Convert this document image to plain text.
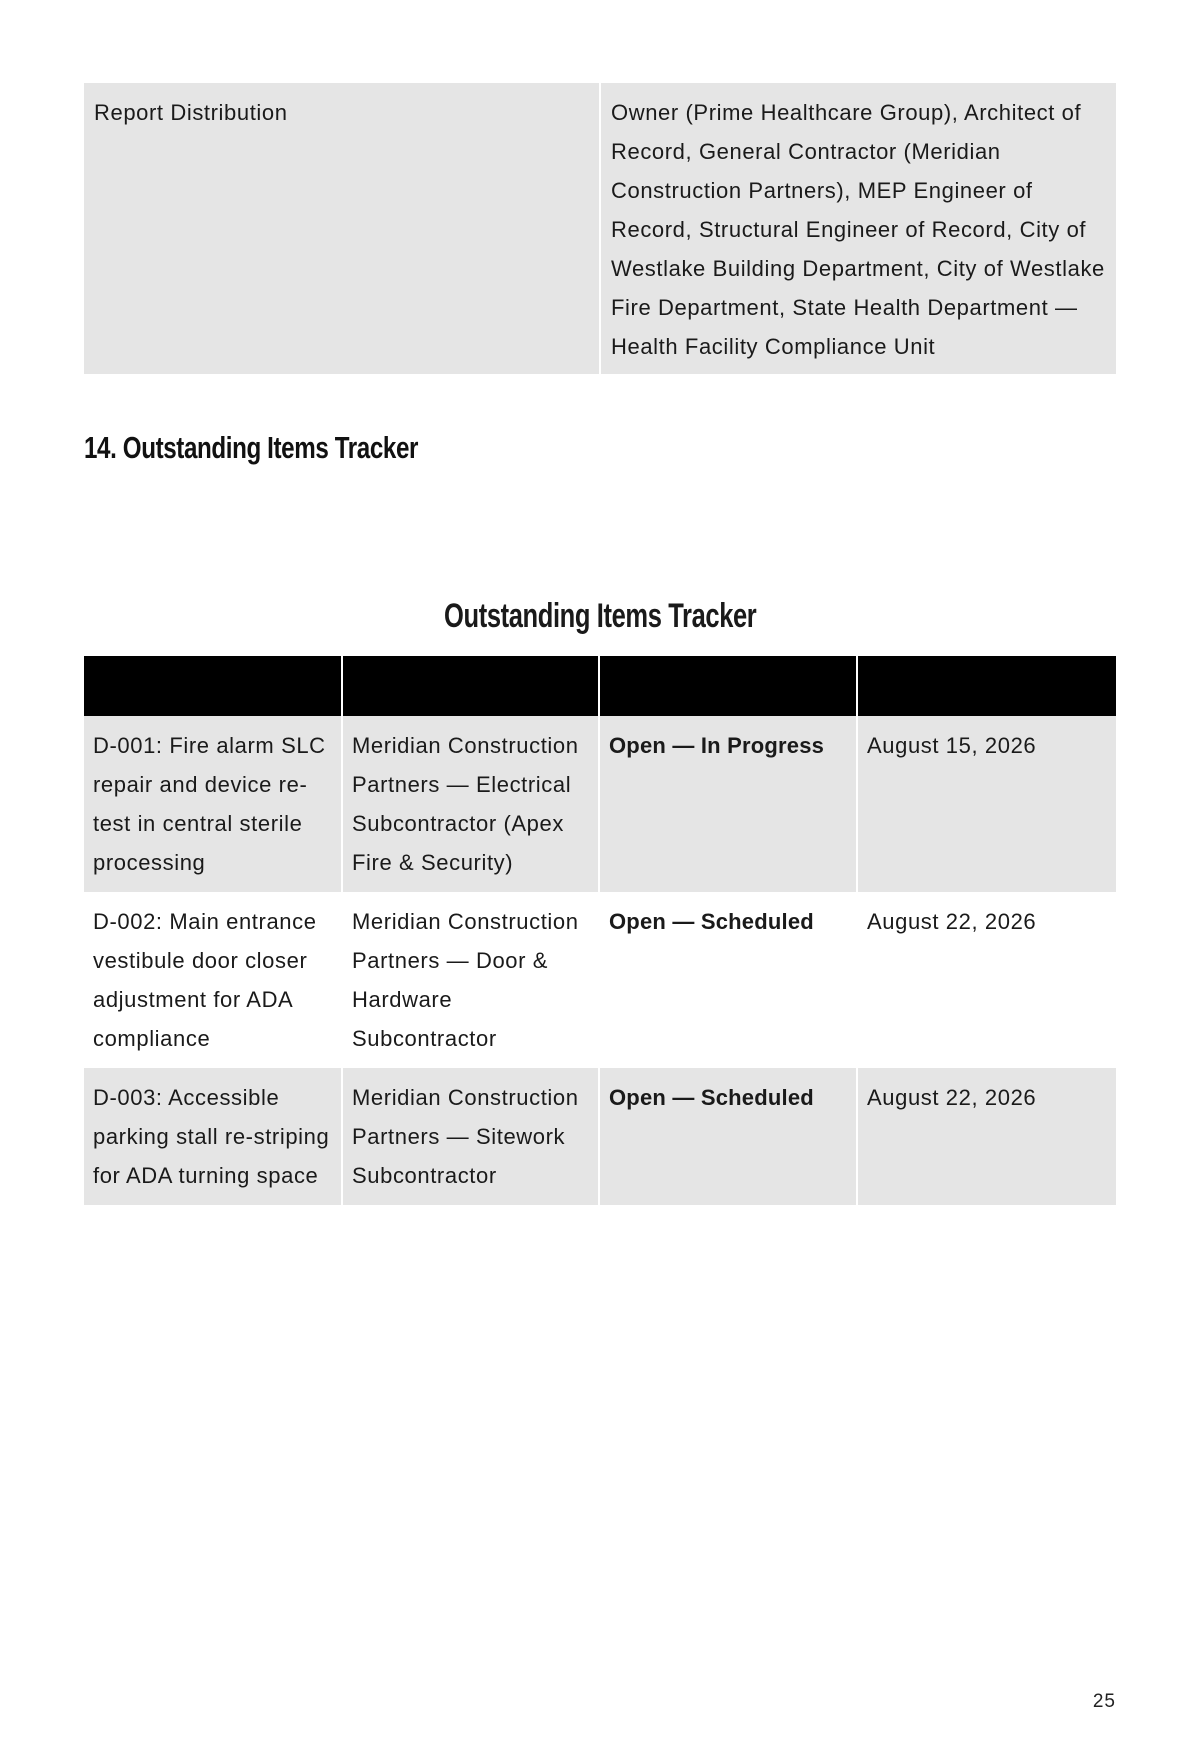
Report Distribution	Owner (Prime Healthcare Group), Architect of Record, General Contractor (Meridian Construction Partners), MEP Engineer of Record, Structural Engineer of Record, City of Westlake Building Department, City of Westlake Fire Department, State Health Department — Health Facility Compliance Unit
14. Outstanding Items Tracker
Outstanding Items Tracker

D-001: Fire alarm SLC repair and device re-test in central sterile processing	Meridian Construction Partners — Electrical Subcontractor (Apex Fire & Security)	Open — In Progress	August 15, 2026
D-002: Main entrance vestibule door closer adjustment for ADA compliance	Meridian Construction Partners — Door & Hardware Subcontractor	Open — Scheduled	August 22, 2026
D-003: Accessible parking stall re-striping for ADA turning space	Meridian Construction Partners — Sitework Subcontractor	Open — Scheduled	August 22, 2026
25
